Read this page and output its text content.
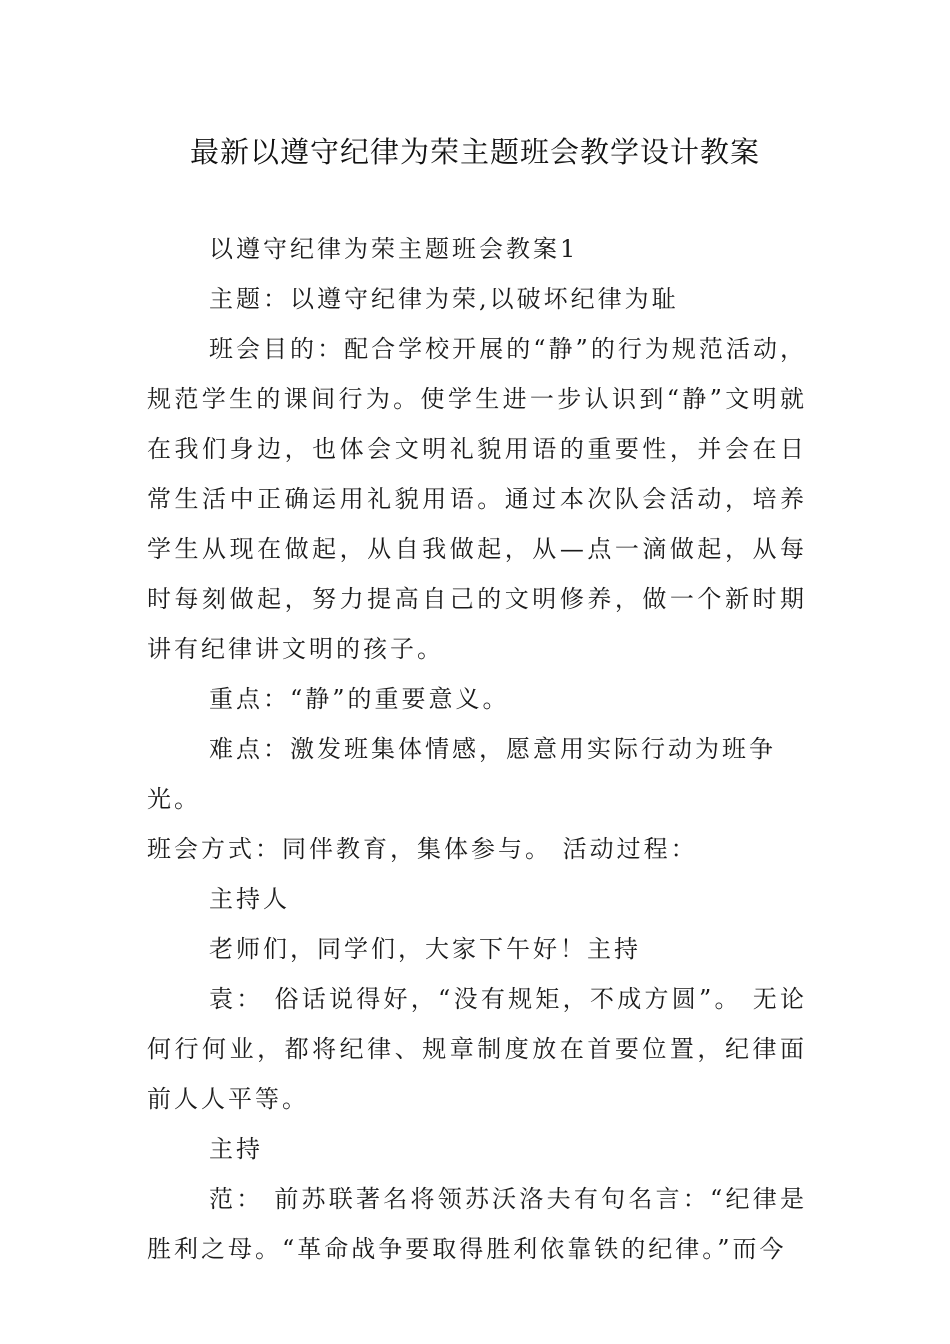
最新以遵守纪律为荣主题班会教学设计教案

以遵守纪律为荣主题班会教案1

主题：以遵守纪律为荣,以破坏纪律为耻

班会目的：配合学校开展的“静”的行为规范活动，规范学生的课间行为。使学生进一步认识到“静”文明就在我们身边，也体会文明礼貌用语的重要性，并会在日常生活中正确运用礼貌用语。通过本次队会活动，培养学生从现在做起，从自我做起，从—点一滴做起，从每时每刻做起，努力提高自己的文明修养，做一个新时期讲有纪律讲文明的孩子。

重点：“静”的重要意义。

难点：激发班集体情感，愿意用实际行动为班争光。

班会方式：同伴教育，集体参与。 活动过程：

主持人

老师们，同学们，大家下午好！主持

袁： 俗话说得好，“没有规矩，不成方圆”。 无论何行何业，都将纪律、规章制度放在首要位置，纪律面前人人平等。

主持

范： 前苏联著名将领苏沃洛夫有句名言：“纪律是胜利之母。“革命战争要取得胜利依靠铁的纪律。”而今
